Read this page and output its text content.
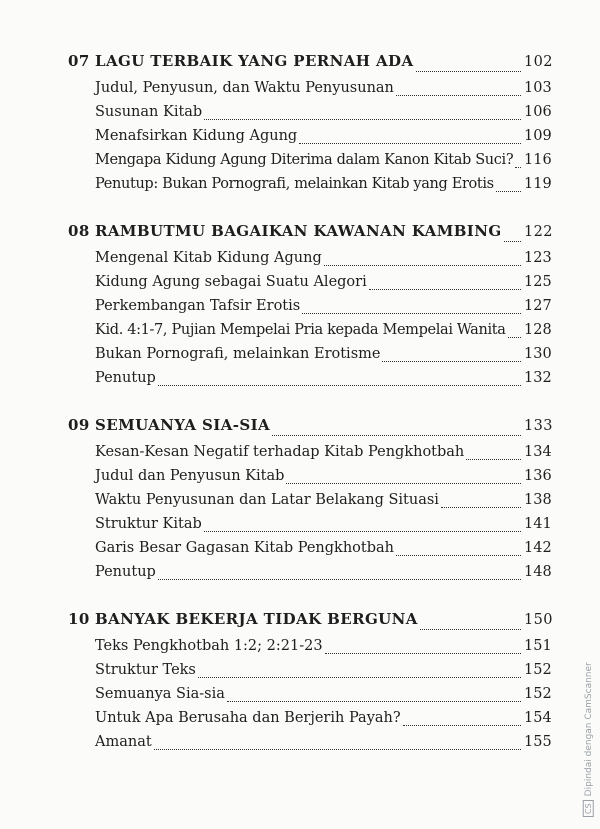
07 LAGU TERBAIK YANG PERNAH ADA	102
Judul, Penyusun, dan Waktu Penyusunan	103
Susunan Kitab	106
Menafsirkan Kidung Agung	109
Mengapa Kidung Agung Diterima dalam Kanon Kitab Suci? 116
Penutup: Bukan Pornografi, melainkan Kitab yang Erotis 119
08 RAMBUTMU BAGAIKAN KAWANAN KAMBING 122
Mengenal Kitab Kidung Agung	123
Kidung Agung sebagai Suatu Alegori	125
Perkembangan Tafsir Erotis	127
Kid. 4:1-7, Pujian Mempelai Pria kepada Mempelai Wanita 128
Bukan Pornografi, melainkan Erotisme	130
Penutup	132
09 SEMUANYA SIA-SIA	133
Kesan-Kesan Negatif terhadap Kitab Pengkhotbah	134
Judul dan Penyusun Kitab	136
Waktu Penyusunan dan Latar Belakang Situasi	138
Struktur Kitab	141
Garis Besar Gagasan Kitab Pengkhotbah	142
Penutup	148
10 BANYAK BEKERJA TIDAK BERGUNA	150
Teks Pengkhotbah 1:2; 2:21-23	151
Struktur Teks	152
Semuanya Sia-sia	152
Untuk Apa Berusaha dan Berjerih Payah?	154
Amanat	155
CSDipindai dengan CamScanner
